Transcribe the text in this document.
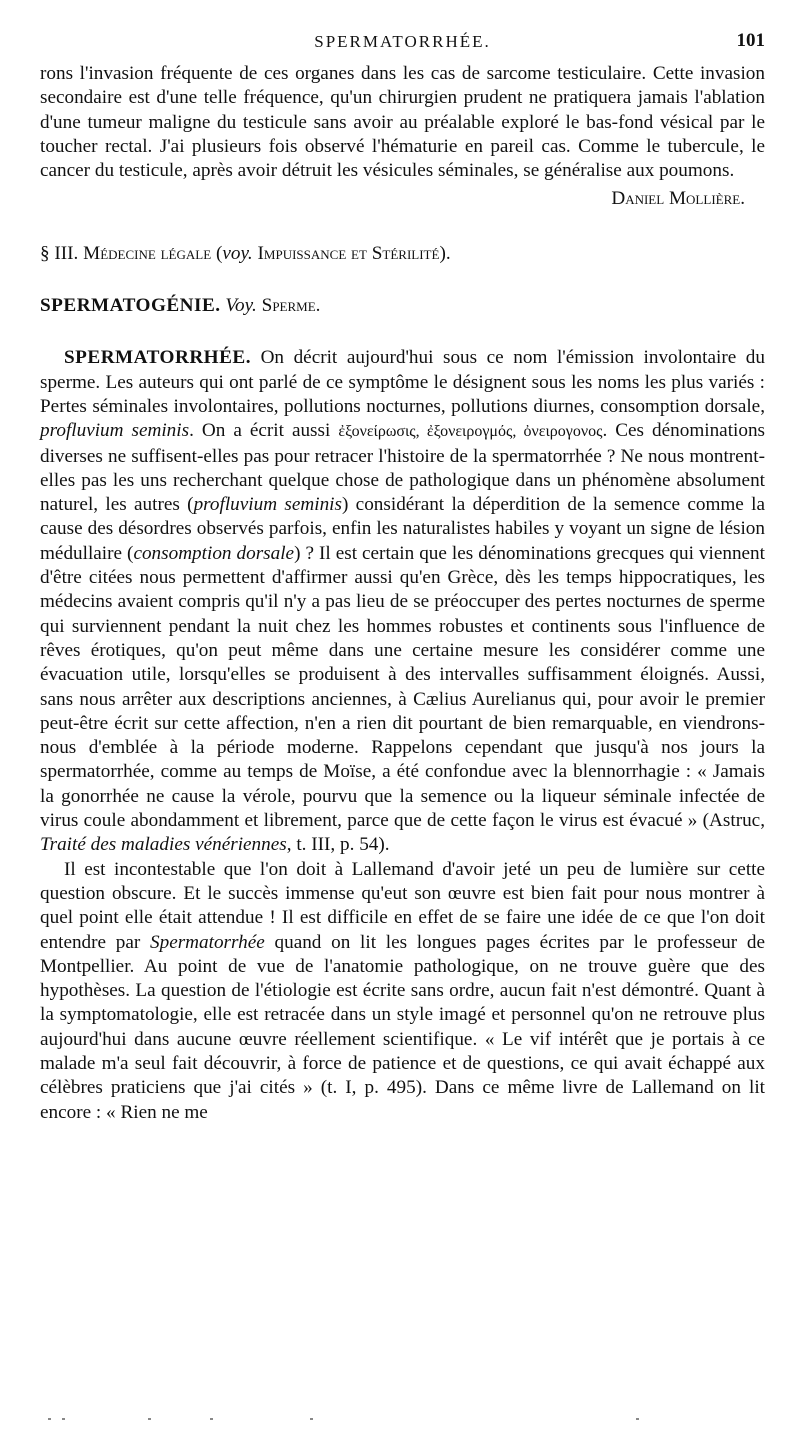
SPERMATORRHÉE.	101

rons l'invasion fréquente de ces organes dans les cas de sarcome testiculaire. Cette invasion secondaire est d'une telle fréquence, qu'un chirurgien prudent ne pratiquera jamais l'ablation d'une tumeur maligne du testicule sans avoir au préalable exploré le bas-fond vésical par le toucher rectal. J'ai plusieurs fois observé l'hématurie en pareil cas. Comme le tubercule, le cancer du testicule, après avoir détruit les vésicules séminales, se généralise aux poumons.

Daniel Mollière.

§ III. Médecine légale (voy. Impuissance et Stérilité).

SPERMATOGÉNIE. Voy. Sperme.

SPERMATORRHÉE. On décrit aujourd'hui sous ce nom l'émission involontaire du sperme. Les auteurs qui ont parlé de ce symptôme le désignent sous les noms les plus variés : Pertes séminales involontaires, pollutions nocturnes, pollutions diurnes, consomption dorsale, profluvium seminis. On a écrit aussi ἐξονείρωσις, ἐξονειρογμός, ὀνειρογονος. Ces dénominations diverses ne suffisent-elles pas pour retracer l'histoire de la spermatorrhée ? Ne nous montrent-elles pas les uns recherchant quelque chose de pathologique dans un phénomène absolument naturel, les autres (profluvium seminis) considérant la déperdition de la semence comme la cause des désordres observés parfois, enfin les naturalistes habiles y voyant un signe de lésion médullaire (consomption dorsale) ? Il est certain que les dénominations grecques qui viennent d'être citées nous permettent d'affirmer aussi qu'en Grèce, dès les temps hippocratiques, les médecins avaient compris qu'il n'y a pas lieu de se préoccuper des pertes nocturnes de sperme qui surviennent pendant la nuit chez les hommes robustes et continents sous l'influence de rêves érotiques, qu'on peut même dans une certaine mesure les considérer comme une évacuation utile, lorsqu'elles se produisent à des intervalles suffisamment éloignés. Aussi, sans nous arrêter aux descriptions anciennes, à Cælius Aurelianus qui, pour avoir le premier peut-être écrit sur cette affection, n'en a rien dit pourtant de bien remarquable, en viendrons-nous d'emblée à la période moderne. Rappelons cependant que jusqu'à nos jours la spermatorrhée, comme au temps de Moïse, a été confondue avec la blennorrhagie : « Jamais la gonorrhée ne cause la vérole, pourvu que la semence ou la liqueur séminale infectée de virus coule abondamment et librement, parce que de cette façon le virus est évacué » (Astruc, Traité des maladies vénériennes, t. III, p. 54).

Il est incontestable que l'on doit à Lallemand d'avoir jeté un peu de lumière sur cette question obscure. Et le succès immense qu'eut son œuvre est bien fait pour nous montrer à quel point elle était attendue ! Il est difficile en effet de se faire une idée de ce que l'on doit entendre par Spermatorrhée quand on lit les longues pages écrites par le professeur de Montpellier. Au point de vue de l'anatomie pathologique, on ne trouve guère que des hypothèses. La question de l'étiologie est écrite sans ordre, aucun fait n'est démontré. Quant à la symptomatologie, elle est retracée dans un style imagé et personnel qu'on ne retrouve plus aujourd'hui dans aucune œuvre réellement scientifique. « Le vif intérêt que je portais à ce malade m'a seul fait découvrir, à force de patience et de questions, ce qui avait échappé aux célèbres praticiens que j'ai cités » (t. I, p. 495). Dans ce même livre de Lallemand on lit encore : « Rien ne me
